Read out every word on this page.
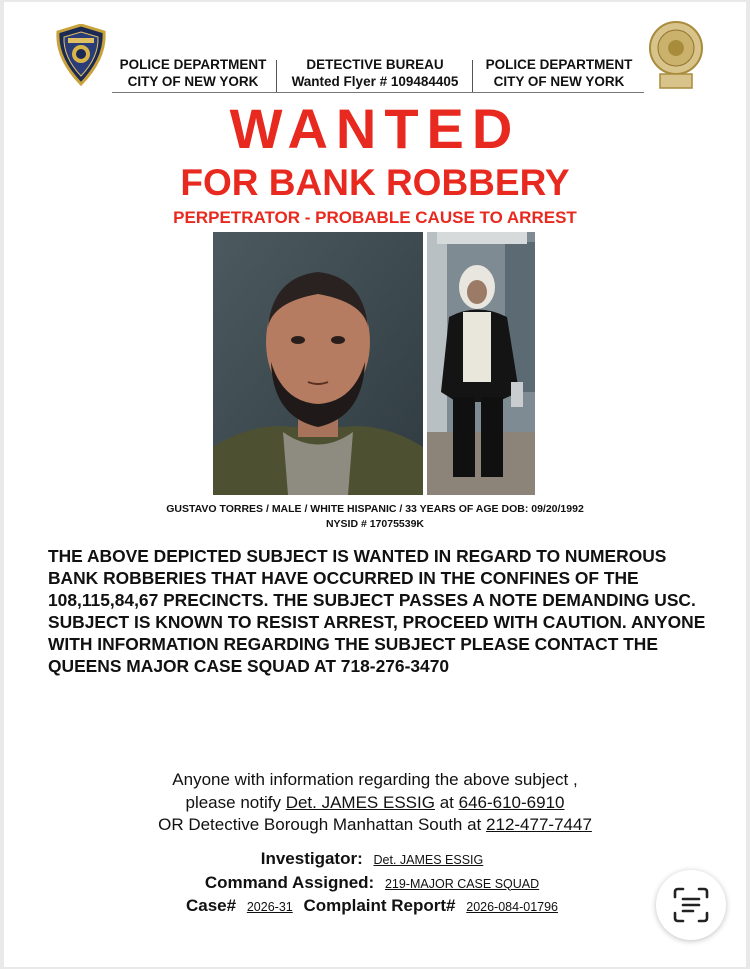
POLICE DEPARTMENT
CITY OF NEW YORK
DETECTIVE BUREAU
Wanted Flyer # 109484405
POLICE DEPARTMENT
CITY OF NEW YORK
WANTED
FOR BANK ROBBERY
PERPETRATOR - PROBABLE CAUSE TO ARREST
GUSTAVO TORRES / MALE / WHITE HISPANIC / 33 YEARS OF AGE DOB: 09/20/1992
NYSID # 17075539K
THE ABOVE DEPICTED SUBJECT IS WANTED IN REGARD TO NUMEROUS BANK ROBBERIES THAT HAVE OCCURRED IN THE CONFINES OF THE 108,115,84,67 PRECINCTS. THE SUBJECT PASSES A NOTE DEMANDING USC. SUBJECT IS KNOWN TO RESIST ARREST, PROCEED WITH CAUTION. ANYONE WITH INFORMATION REGARDING THE SUBJECT PLEASE CONTACT THE QUEENS MAJOR CASE SQUAD AT 718-276-3470
Anyone with information regarding the above subject ,
please notify Det. JAMES ESSIG at 646-610-6910
OR Detective Borough Manhattan South at 212-477-7447
Investigator: Det. JAMES ESSIG
Command Assigned: 219-MAJOR CASE SQUAD
Case# 2026-31 Complaint Report# 2026-084-01796
